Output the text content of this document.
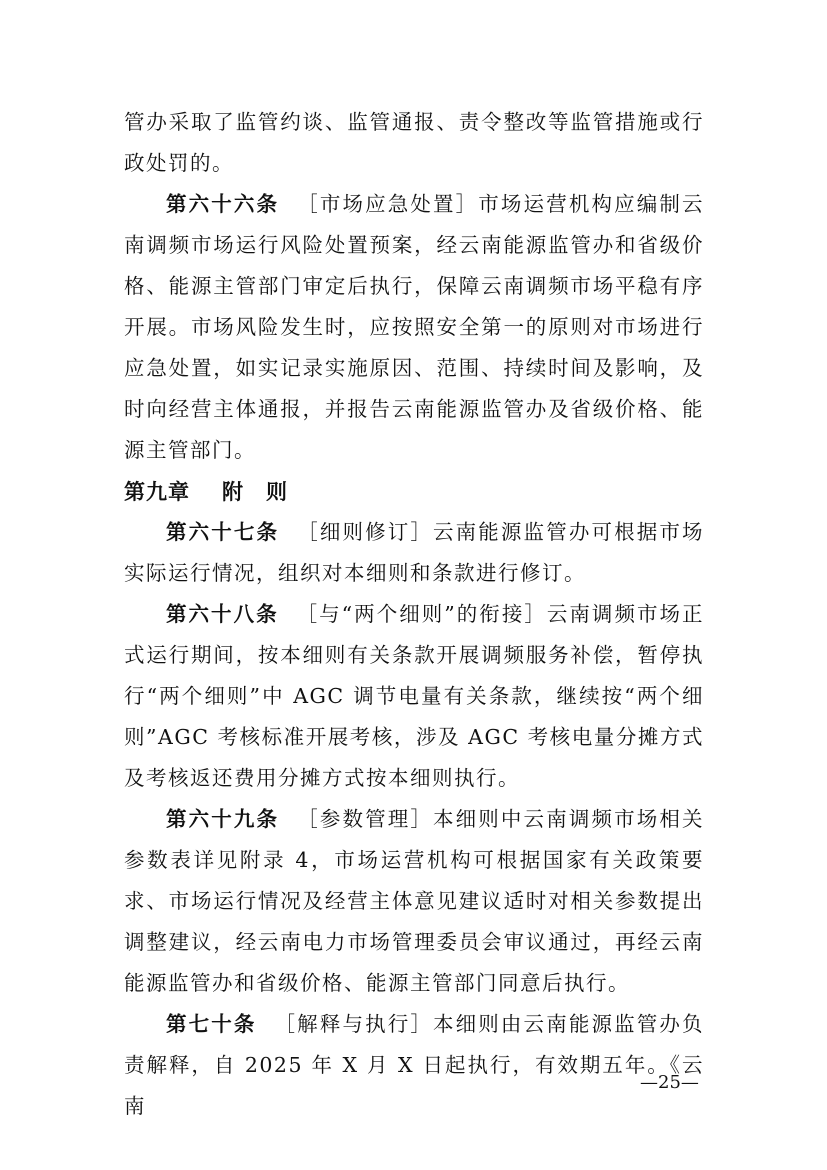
管办采取了监管约谈、监管通报、责令整改等监管措施或行政处罚的。

第六十六条 ［市场应急处置］市场运营机构应编制云南调频市场运行风险处置预案，经云南能源监管办和省级价格、能源主管部门审定后执行，保障云南调频市场平稳有序开展。市场风险发生时，应按照安全第一的原则对市场进行应急处置，如实记录实施原因、范围、持续时间及影响，及时向经营主体通报，并报告云南能源监管办及省级价格、能源主管部门。

第九章 附　则

第六十七条 ［细则修订］云南能源监管办可根据市场实际运行情况，组织对本细则和条款进行修订。

第六十八条 ［与“两个细则”的衔接］云南调频市场正式运行期间，按本细则有关条款开展调频服务补偿，暂停执行“两个细则”中 AGC 调节电量有关条款，继续按“两个细则”AGC 考核标准开展考核，涉及 AGC 考核电量分摊方式及考核返还费用分摊方式按本细则执行。

第六十九条 ［参数管理］本细则中云南调频市场相关参数表详见附录 4，市场运营机构可根据国家有关政策要求、市场运行情况及经营主体意见建议适时对相关参数提出调整建议，经云南电力市场管理委员会审议通过，再经云南能源监管办和省级价格、能源主管部门同意后执行。

第七十条 ［解释与执行］本细则由云南能源监管办负责解释，自 2025 年 X 月 X 日起执行，有效期五年。《云南

—25—
